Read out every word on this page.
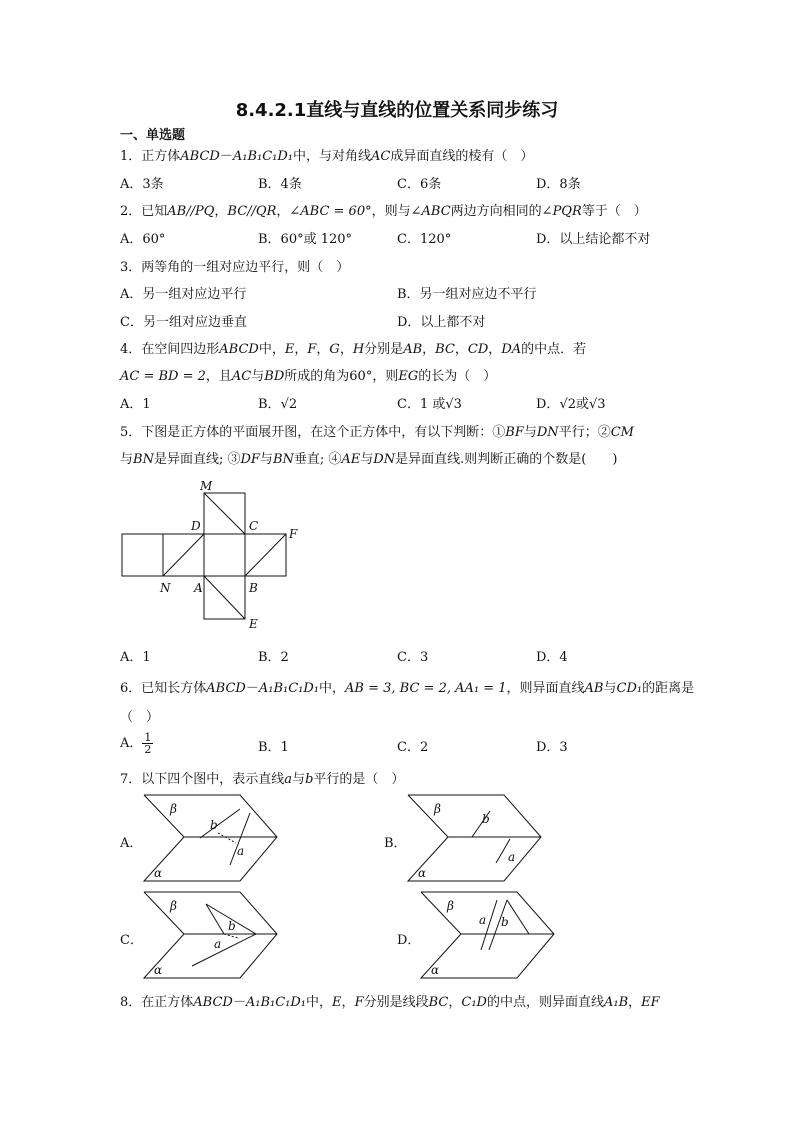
8.4.2.1直线与直线的位置关系同步练习
一、单选题
1．正方体ABCD－A₁B₁C₁D₁中，与对角线AC成异面直线的棱有（　）
A．3条	B．4条	C．6条	D．8条
2．已知AB//PQ，BC//QR，∠ABC = 60°，则与∠ABC两边方向相同的∠PQR等于（　）
A．60°	B．60°或 120°	C．120°	D．以上结论都不对
3．两等角的一组对应边平行，则（　）
A．另一组对应边平行	B．另一组对应边不平行
C．另一组对应边垂直	D．以上都不对
4．在空间四边形ABCD中，E，F，G，H分别是AB，BC，CD，DA的中点．若
AC = BD = 2，且AC与BD所成的角为60°，则EG的长为（　）
A．1	B．√2	C．1 或√3	D．√2或√3
5．下图是正方体的平面展开图，在这个正方体中，有以下判断：①BF与DN平行；②CM
与BN是异面直线; ③DF与BN垂直; ④AE与DN是异面直线.则判断正确的个数是(　　)
M
D	C
F
N A	B
E
A．1	B．2	C．3	D．4
6．已知长方体ABCD－A₁B₁C₁D₁中，AB = 3, BC = 2, AA₁ = 1，则异面直线AB与CD₁的距离是
（　）
A． $\frac{1}{2}$	B．1	C．2	D．3
7．以下四个图中，表示直线a与b平行的是（　）
A．
β
α
b
a	B．
β
α
b
a
C．
β
α
b
a	D．
β
α
a b
8．在正方体ABCD－A₁B₁C₁D₁中，E，F分别是线段BC，C₁D的中点，则异面直线A₁B，EF
